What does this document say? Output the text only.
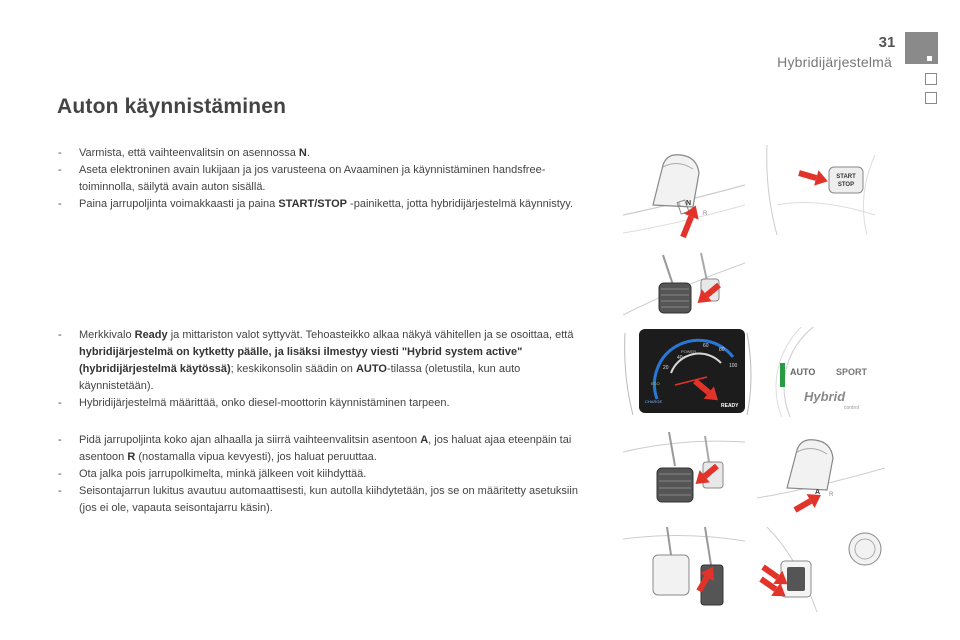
31
Hybridijärjestelmä
Auton käynnistäminen
- Varmista, että vaihteenvalitsin on asennossa N.
- Aseta elektroninen avain lukijaan ja jos varusteena on Avaaminen ja käynnistäminen handsfree-toiminnolla, säilytä avain auton sisällä.
- Paina jarrupoljinta voimakkaasti ja paina START/STOP -painiketta, jotta hybridijärjestelmä käynnistyy.
- Merkkivalo Ready ja mittariston valot syttyvät. Tehoasteikko alkaa näkyä vähitellen ja se osoittaa, että hybridijärjestelmä on kytketty päälle, ja lisäksi ilmestyy viesti "Hybrid system active" (hybridijärjestelmä käytössä); keskikonsolin säädin on AUTO-tilassa (oletustila, kun auto käynnistetään).
- Hybridijärjestelmä määrittää, onko diesel-moottorin käynnistäminen tarpeen.
- Pidä jarrupoljinta koko ajan alhaalla ja siirrä vaihteenvalitsin asentoon A, jos haluat ajaa eteenpäin tai asentoon R (nostamalla vipua kevyesti), jos haluat peruuttaa.
- Ota jalka pois jarrupolkimelta, minkä jälkeen voit kiihdyttää.
- Seisontajarrun lukitus avautuu automaattisesti, kun autolla kiihdytetään, jos se on määritetty asetuksiin (jos ei ole, vapauta seisontajarru käsin).
A N
R
START
STOP
POWER
20
40
60
80
100
ECO
CHARGE
READY
AUTO SPORT
Hybrid
control
A R
